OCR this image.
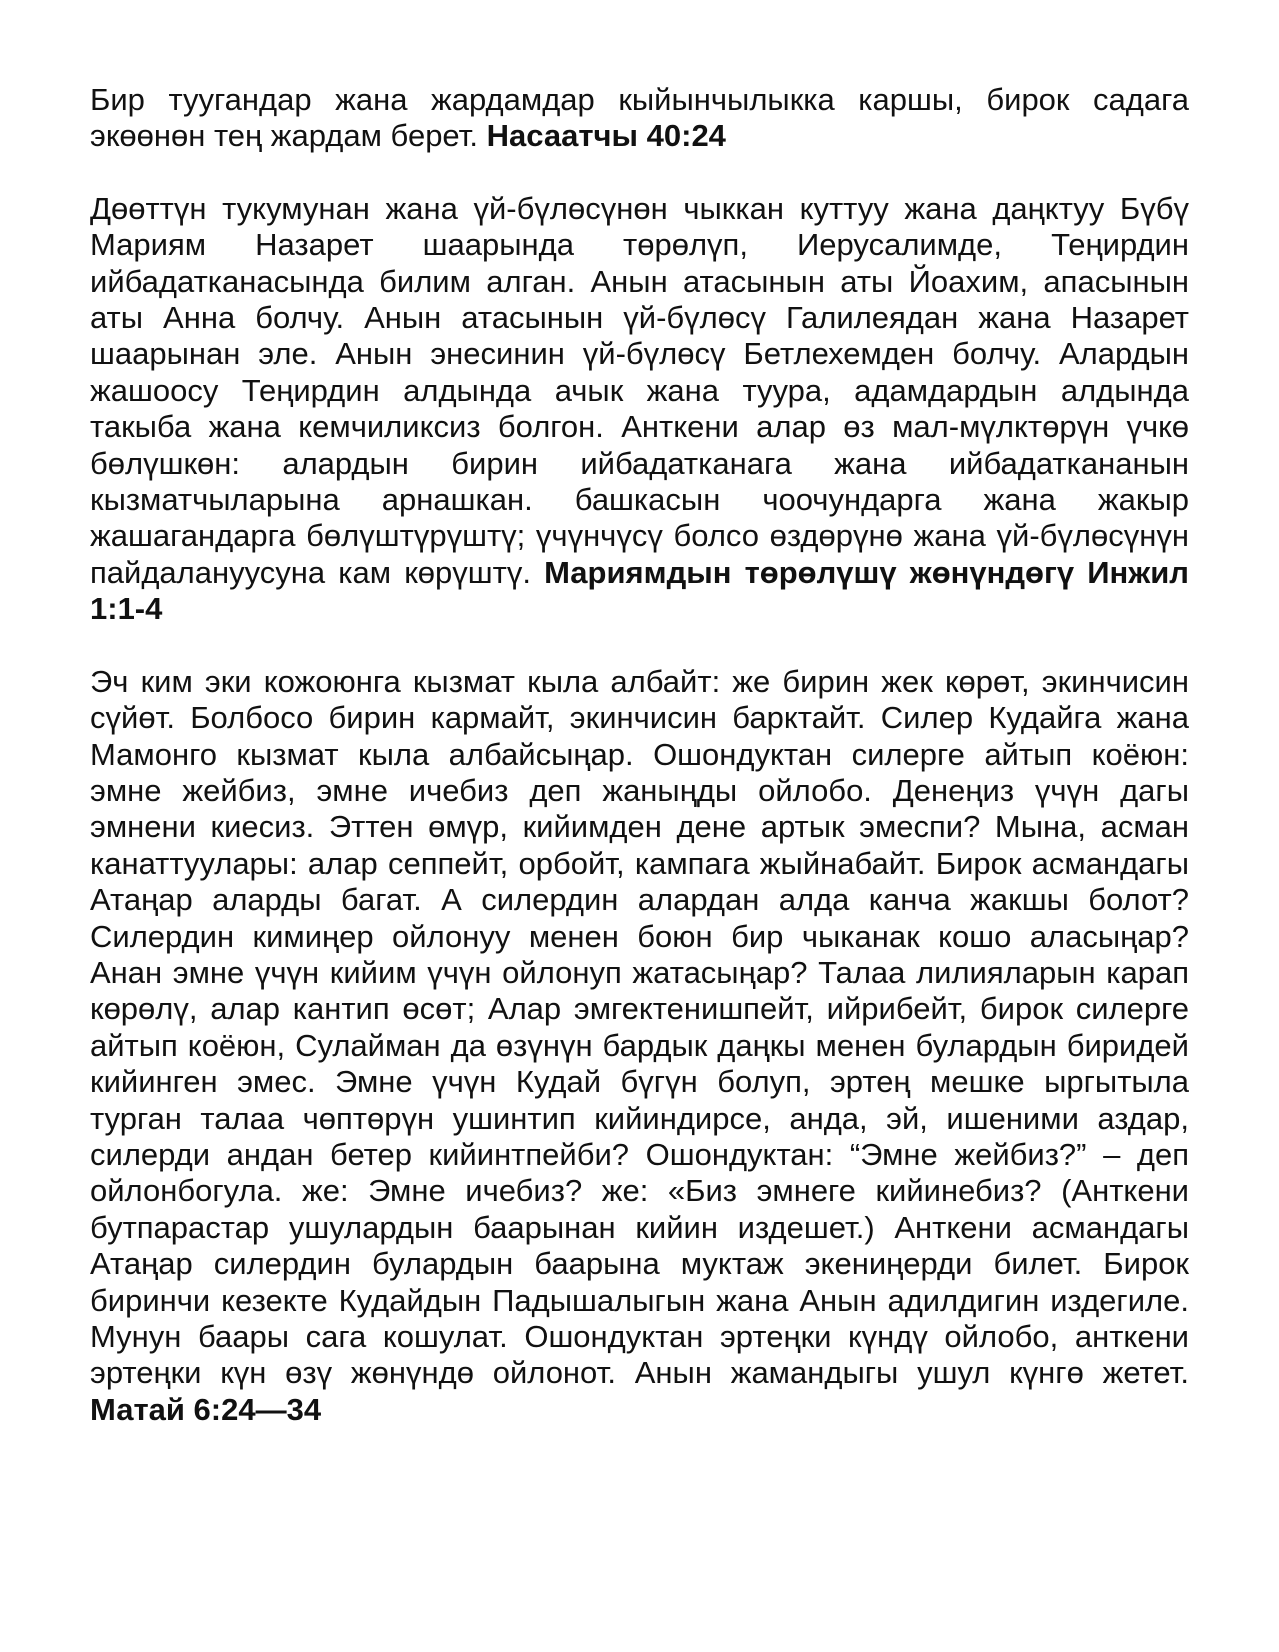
Бир туугандар жана жардамдар кыйынчылыкка каршы, бирок садага экөөнөн тең жардам берет. Насаатчы 40:24

Дөөттүн тукумунан жана үй-бүлөсүнөн чыккан куттуу жана даңктуу Бүбү Мариям Назарет шаарында төрөлүп, Иерусалимде, Теңирдин ийбадатканасында билим алган. Анын атасынын аты Йоахим, апасынын аты Анна болчу. Анын атасынын үй-бүлөсү Галилеядан жана Назарет шаарынан эле. Анын энесинин үй-бүлөсү Бетлехемден болчу. Алардын жашоосу Теңирдин алдында ачык жана туура, адамдардын алдында такыба жана кемчиликсиз болгон. Анткени алар өз мал-мүлктөрүн үчкө бөлүшкөн: алардын бирин ийбадатканага жана ийбадаткананын кызматчыларына арнашкан. башкасын чоочундарга жана жакыр жашагандарга бөлүштүрүштү; үчүнчүсү болсо өздөрүнө жана үй-бүлөсүнүн пайдалануусуна кам көрүштү. Мариямдын төрөлүшү жөнүндөгү Инжил 1:1-4

Эч ким эки кожоюнга кызмат кыла албайт: же бирин жек көрөт, экинчисин сүйөт. Болбосо бирин кармайт, экинчисин барктайт. Силер Кудайга жана Мамонго кызмат кыла албайсыңар. Ошондуктан силерге айтып коёюн: эмне жейбиз, эмне ичебиз деп жаныңды ойлобо. Денеңиз үчүн дагы эмнени киесиз. Эттен өмүр, кийимден дене артык эмеспи? Мына, асман канаттуулары: алар сеппейт, орбойт, кампага жыйнабайт. Бирок асмандагы Атаңар аларды багат. А силердин алардан алда канча жакшы болот? Силердин кимиңер ойлонуу менен боюн бир чыканак кошо аласыңар? Анан эмне үчүн кийим үчүн ойлонуп жатасыңар? Талаа лилияларын карап көрөлү, алар кантип өсөт; Алар эмгектенишпейт, ийрибейт, бирок силерге айтып коёюн, Сулайман да өзүнүн бардык даңкы менен булардын биридей кийинген эмес. Эмне үчүн Кудай бүгүн болуп, эртең мешке ыргытыла турган талаа чөптөрүн ушинтип кийиндирсе, анда, эй, ишеними аздар, силерди андан бетер кийинтпейби? Ошондуктан: “Эмне жейбиз?” – деп ойлонбогула. же: Эмне ичебиз? же: «Биз эмнеге кийинебиз? (Анткени бутпарастар ушулардын баарынан кийин издешет.) Анткени асмандагы Атаңар силердин булардын баарына муктаж экениңерди билет. Бирок биринчи кезекте Кудайдын Падышалыгын жана Анын адилдигин издегиле. Мунун баары сага кошулат. Ошондуктан эртеңки күндү ойлобо, анткени эртеңки күн өзү жөнүндө ойлонот. Анын жамандыгы ушул күнгө жетет. Матай 6:24—34
